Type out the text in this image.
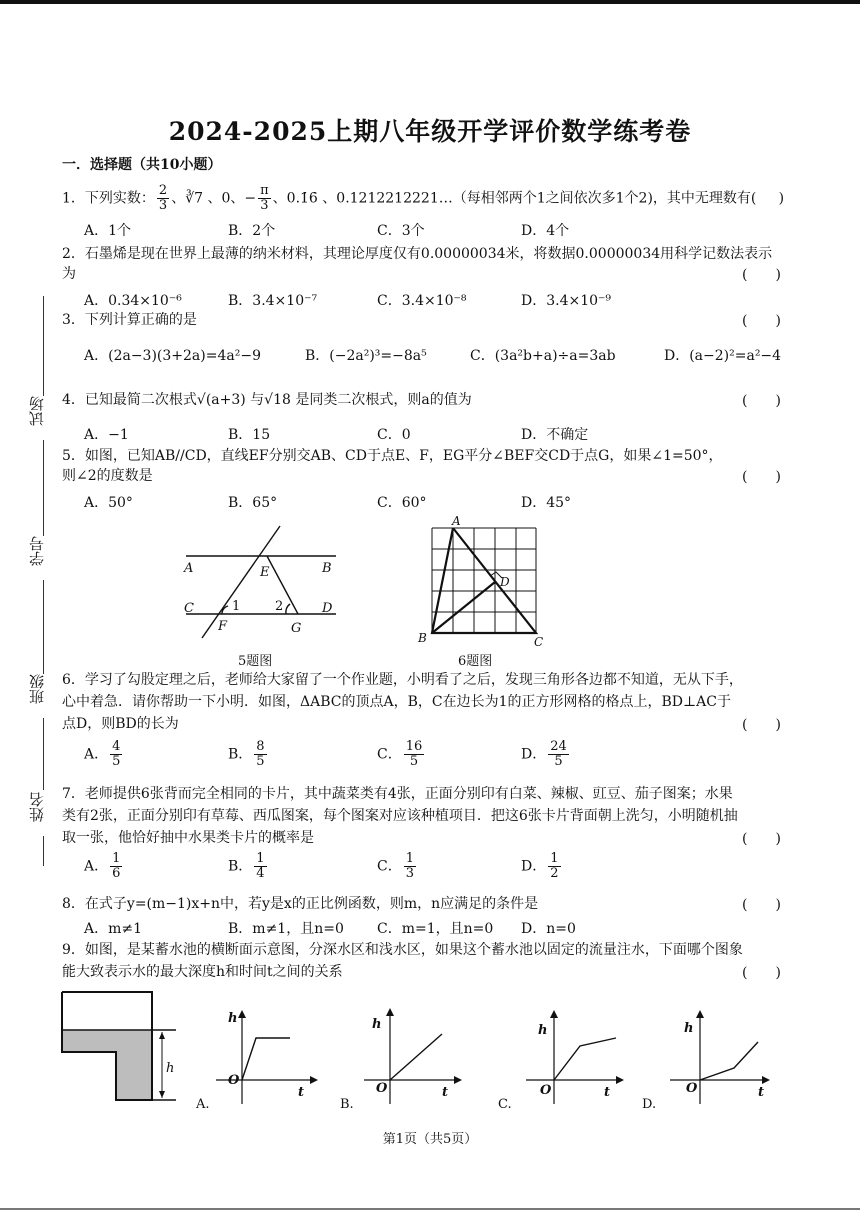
试场
学号
班级
姓名
2024-2025上期八年级开学评价数学练考卷
一．选择题（共10小题）
1．下列实数： $\frac{2}{3}$ 、∛7 、0、− $\frac{\pi}{3}$ 、0.1̇6̇ 、0.1212212221…（每相邻两个1之间依次多1个2)，其中无理数有( )
A．1个	B．2个	C．3个	D．4个
2．石墨烯是现在世界上最薄的纳米材料，其理论厚度仅有0.00000034米，将数据0.00000034用科学记数法表示
为	(　　)
A．0.34×10⁻⁶	B．3.4×10⁻⁷	C．3.4×10⁻⁸	D．3.4×10⁻⁹
3．下列计算正确的是	(　　)
A．(2a−3)(3+2a)=4a²−9	B．(−2a²)³=−8a⁵	C．(3a²b+a)÷a=3ab	D．(a−2)²=a²−4
4．已知最简二次根式√(a+3) 与√18 是同类二次根式，则a的值为	(　　)
A．−1	B．15	C．0	D．不确定
5．如图，已知AB//CD，直线EF分别交AB、CD于点E、F，EG平分∠BEF交CD于点G，如果∠1=50°，
则∠2的度数是	(　　)
A．50°	B．65°	C．60°	D．45°
A	E	B
C	1	2	D
F	G
5题图
A
D
B	C
6题图
6．学习了勾股定理之后，老师给大家留了一个作业题，小明看了之后，发现三角形各边都不知道，无从下手，
心中着急．请你帮助一下小明．如图，ΔABC的顶点A，B，C在边长为1的正方形网格的格点上，BD⊥AC于
点D，则BD的长为	(　　)
A． $\frac{4}{5}$	B． $\frac{8}{5}$	C． $\frac{16}{5}$	D． $\frac{24}{5}$
7．老师提供6张背而完全相同的卡片，其中蔬菜类有4张，正面分别印有白菜、辣椒、豇豆、茄子图案；水果
类有2张，正面分别印有草莓、西瓜图案，每个图案对应该种植项目．把这6张卡片背面朝上洗匀，小明随机抽
取一张，他恰好抽中水果类卡片的概率是	(　　)
A． $\frac{1}{6}$	B． $\frac{1}{4}$	C． $\frac{1}{3}$	D． $\frac{1}{2}$
8．在式子y=(m−1)x+n中，若y是x的正比例函数，则m，n应满足的条件是	(　　)
A．m≠1	B．m≠1，且n=0 C．m=1，且n=0 D．n=0
9．如图，是某蓄水池的横断面示意图，分深水区和浅水区，如果这个蓄水池以固定的流量注水，下面哪个图象
能大致表示水的最大深度h和时间t之间的关系	(　　)
h
h
t
O
A.
h
t
O
B.
h
t
O
C.
h
t
O
D.
第1页（共5页）
